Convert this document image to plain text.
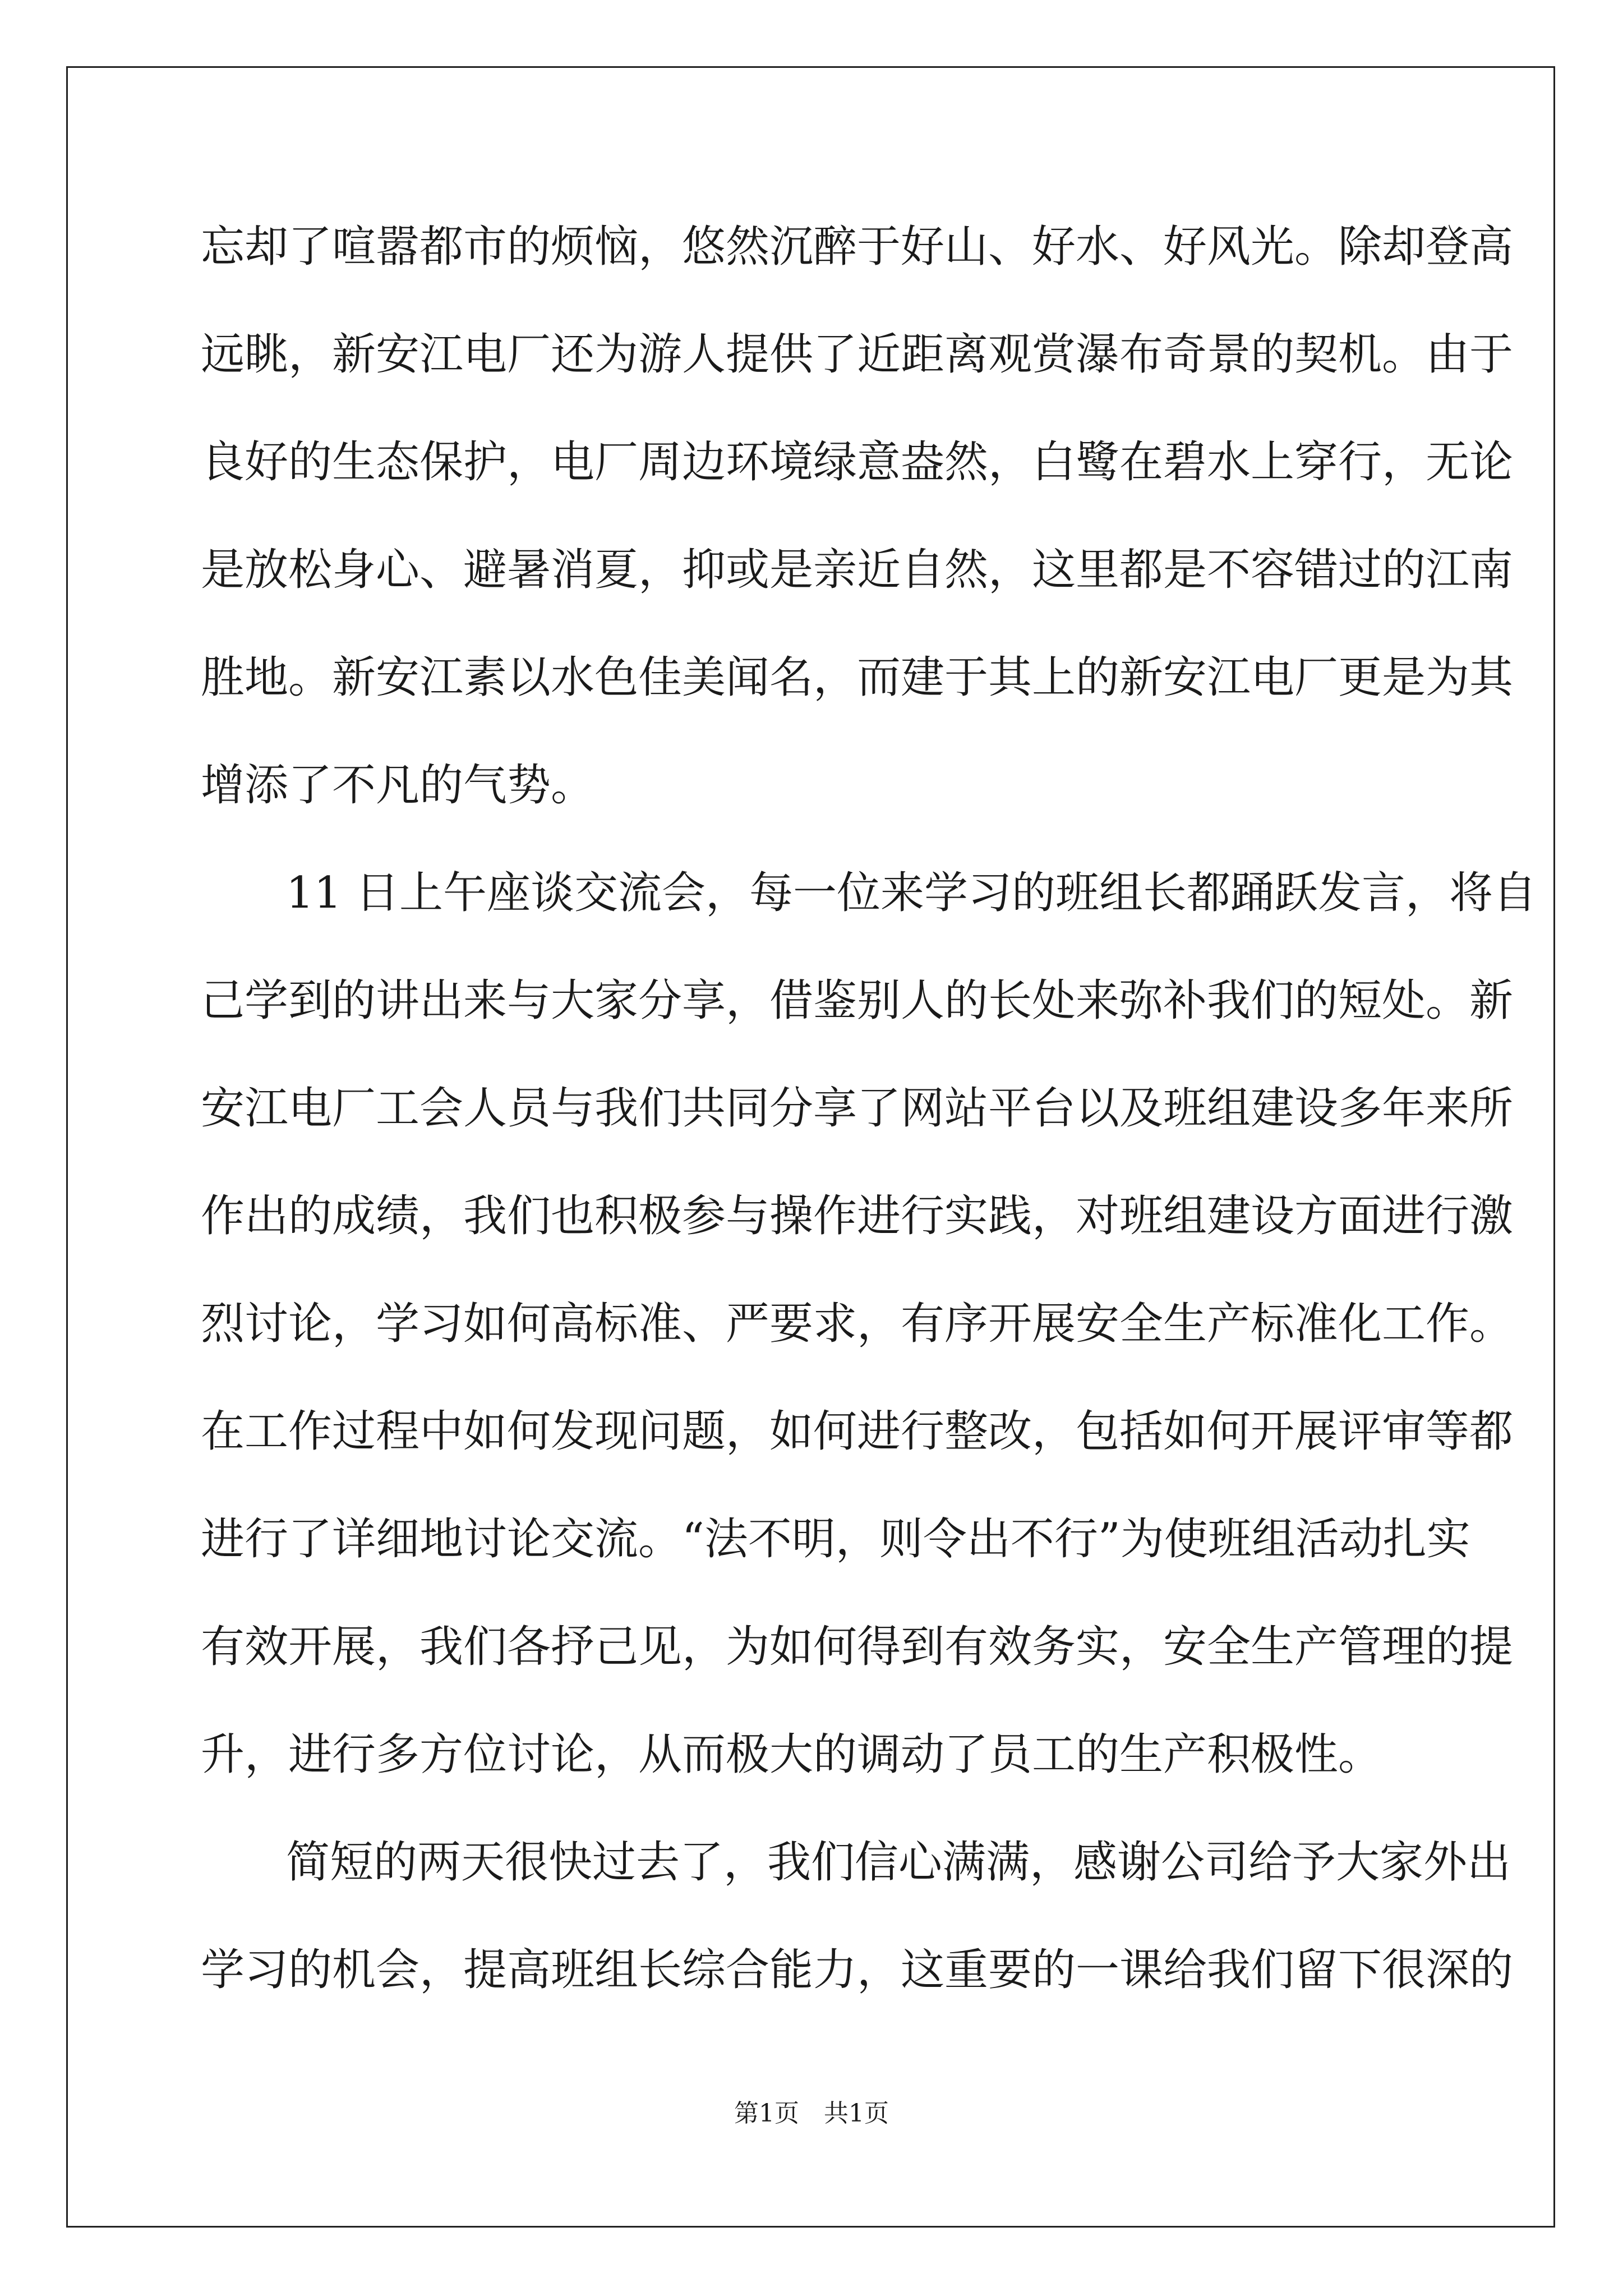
忘却了喧嚣都市的烦恼，悠然沉醉于好山、好水、好风光。除却登高
远眺，新安江电厂还为游人提供了近距离观赏瀑布奇景的契机。由于
良好的生态保护，电厂周边环境绿意盎然，白鹭在碧水上穿行，无论
是放松身心、避暑消夏，抑或是亲近自然，这里都是不容错过的江南
胜地。新安江素以水色佳美闻名，而建于其上的新安江电厂更是为其
增添了不凡的气势。
11 日上午座谈交流会，每一位来学习的班组长都踊跃发言，将自
己学到的讲出来与大家分享，借鉴别人的长处来弥补我们的短处。新
安江电厂工会人员与我们共同分享了网站平台以及班组建设多年来所
作出的成绩，我们也积极参与操作进行实践，对班组建设方面进行激
烈讨论，学习如何高标准、严要求，有序开展安全生产标准化工作。
在工作过程中如何发现问题，如何进行整改，包括如何开展评审等都
进行了详细地讨论交流。“法不明，则令出不行”为使班组活动扎实
有效开展，我们各抒己见，为如何得到有效务实，安全生产管理的提
升，进行多方位讨论，从而极大的调动了员工的生产积极性。
简短的两天很快过去了，我们信心满满，感谢公司给予大家外出
学习的机会，提高班组长综合能力，这重要的一课给我们留下很深的
第1页　共1页
